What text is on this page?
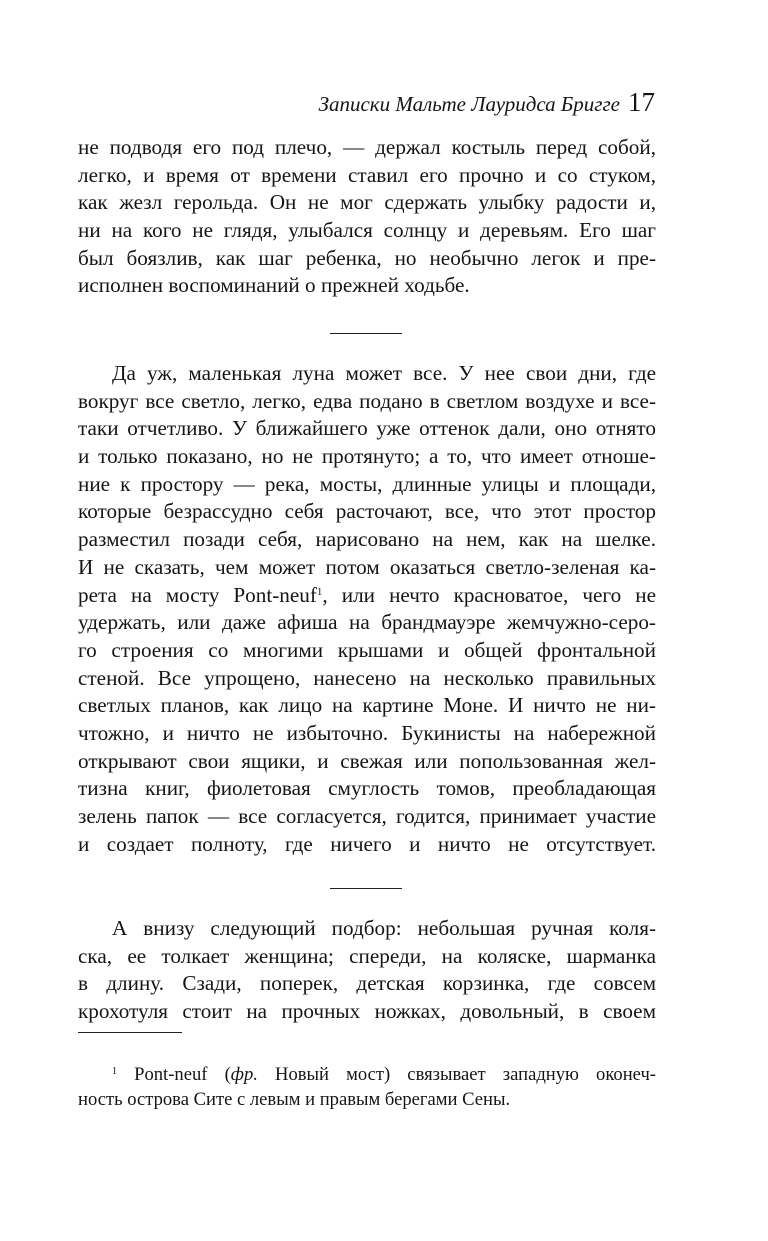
Записки Мальте Лауридса Бригге 17
не подводя его под плечо, — держал костыль перед собой,
легко, и время от времени ставил его прочно и со стуком,
как жезл герольда. Он не мог сдержать улыбку радости и,
ни на кого не глядя, улыбался солнцу и деревьям. Его шаг
был боязлив, как шаг ребенка, но необычно легок и пре-
исполнен воспоминаний о прежней ходьбе.
Да уж, маленькая луна может все. У нее свои дни, где
вокруг все светло, легко, едва подано в светлом воздухе и все-
таки отчетливо. У ближайшего уже оттенок дали, оно отнято
и только показано, но не протянуто; а то, что имеет отноше-
ние к простору — река, мосты, длинные улицы и площади,
которые безрассудно себя расточают, все, что этот простор
разместил позади себя, нарисовано на нем, как на шелке.
И не сказать, чем может потом оказаться светло-зеленая ка-
рета на мосту Pont-neuf$^1$, или нечто красноватое, чего не
удержать, или даже афиша на брандмауэре жемчужно-серо-
го строения со многими крышами и общей фронтальной
стеной. Все упрощено, нанесено на несколько правильных
светлых планов, как лицо на картине Моне. И ничто не ни-
чтожно, и ничто не избыточно. Букинисты на набережной
открывают свои ящики, и свежая или попользованная жел-
тизна книг, фиолетовая смуглость томов, преобладающая
зелень папок — все согласуется, годится, принимает участие
и создает полноту, где ничего и ничто не отсутствует.
А внизу следующий подбор: небольшая ручная коля-
ска, ее толкает женщина; спереди, на коляске, шарманка
в длину. Сзади, поперек, детская корзинка, где совсем
крохотуля стоит на прочных ножках, довольный, в своем
$^1$ Pont-neuf (фр. Новый мост) связывает западную оконеч-
ность острова Сите с левым и правым берегами Сены.
